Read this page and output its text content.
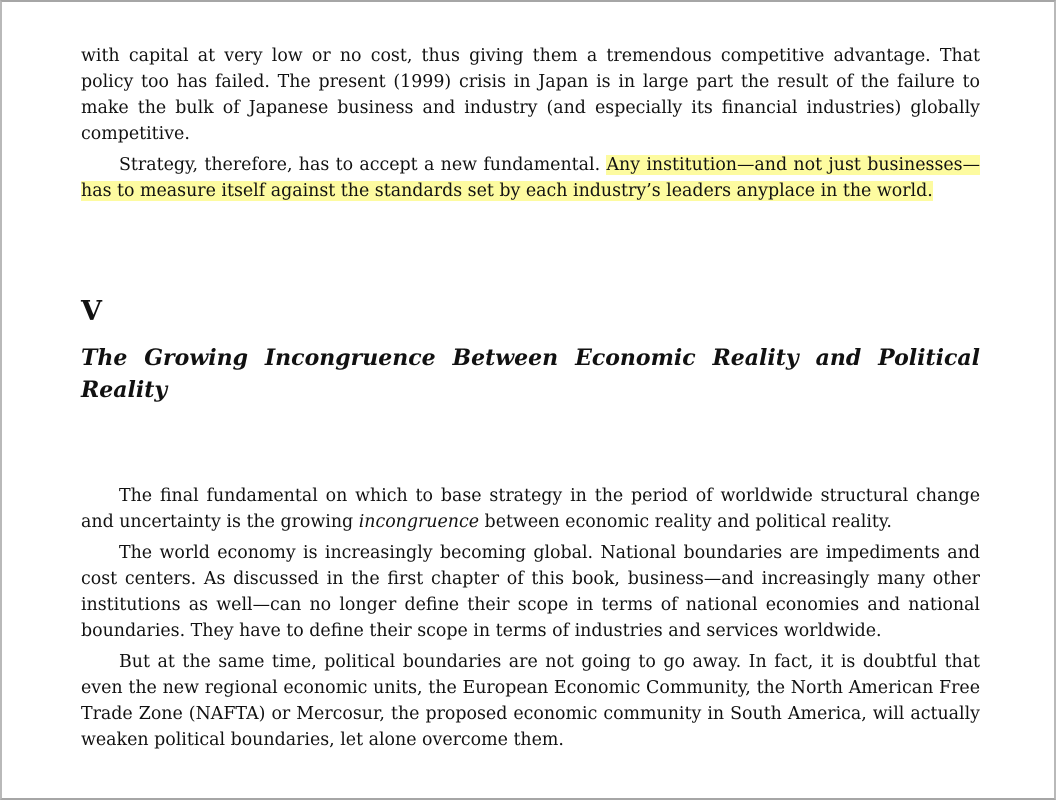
with capital at very low or no cost, thus giving them a tremendous competitive advantage. That policy too has failed. The present (1999) crisis in Japan is in large part the result of the failure to make the bulk of Japanese business and industry (and especially its financial industries) globally competitive.

Strategy, therefore, has to accept a new fundamental. Any institution—and not just businesses—has to measure itself against the standards set by each industry’s leaders anyplace in the world.

V
The Growing Incongruence Between Economic Reality and Political Reality

The final fundamental on which to base strategy in the period of worldwide structural change and uncertainty is the growing incongruence between economic reality and political reality.

The world economy is increasingly becoming global. National boundaries are impediments and cost centers. As discussed in the first chapter of this book, business—and increasingly many other institutions as well—can no longer define their scope in terms of national economies and national boundaries. They have to define their scope in terms of industries and services worldwide.

But at the same time, political boundaries are not going to go away. In fact, it is doubtful that even the new regional economic units, the European Economic Community, the North American Free Trade Zone (NAFTA) or Mercosur, the proposed economic community in South America, will actually weaken political boundaries, let alone overcome them.
